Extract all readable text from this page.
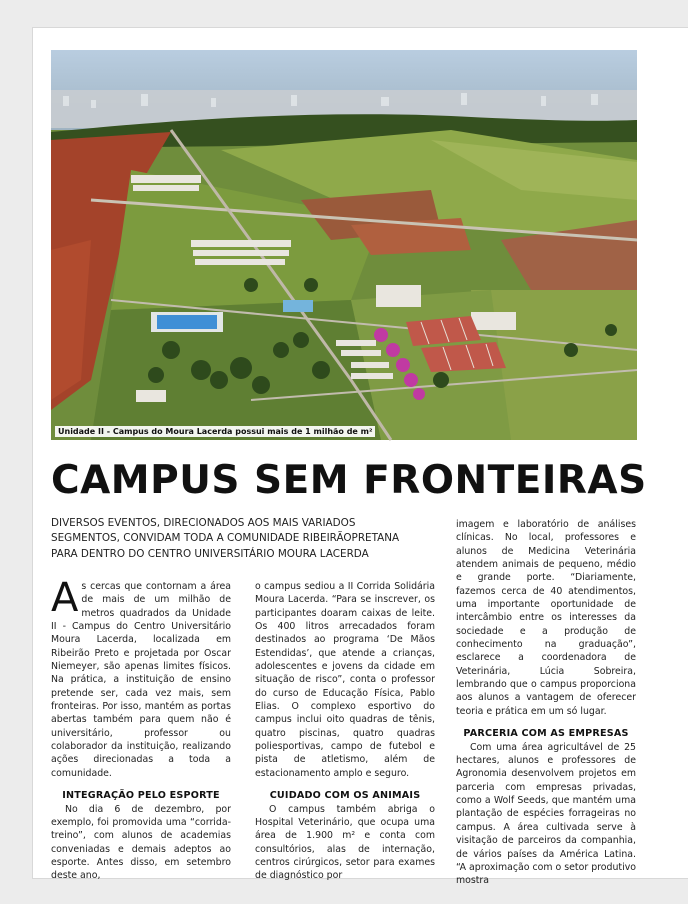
Unidade II - Campus do Moura Lacerda possui mais de 1 milhão de m²
CAMPUS SEM FRONTEIRAS

DIVERSOS EVENTOS, DIRECIONADOS AOS MAIS VARIADOS SEGMENTOS, CONVIDAM TODA A COMUNIDADE RIBEIRÃOPRETANA PARA DENTRO DO CENTRO UNIVERSITÁRIO MOURA LACERDA

As cercas que contornam a área de mais de um milhão de metros quadrados da Unidade II - Campus do Centro Universitário Moura Lacerda, localizada em Ribeirão Preto e projetada por Oscar Niemeyer, são apenas limites físicos. Na prática, a instituição de ensino pretende ser, cada vez mais, sem fronteiras. Por isso, mantém as portas abertas também para quem não é universitário, professor ou colaborador da instituição, realizando ações direcionadas a toda a comunidade.

INTEGRAÇÃO PELO ESPORTE

No dia 6 de dezembro, por exemplo, foi promovida uma “corrida-treino”, com alunos de academias conveniadas e demais adeptos ao esporte. Antes disso, em setembro deste ano,

o campus sediou a II Corrida Solidária Moura Lacerda. “Para se inscrever, os participantes doaram caixas de leite. Os 400 litros arrecadados foram destinados ao programa ‘De Mãos Estendidas’, que atende a crianças, adolescentes e jovens da cidade em situação de risco”, conta o professor do curso de Educação Física, Pablo Elias. O complexo esportivo do campus inclui oito quadras de tênis, quatro piscinas, quatro quadras poliesportivas, campo de futebol e pista de atletismo, além de estacionamento amplo e seguro.

CUIDADO COM OS ANIMAIS

O campus também abriga o Hospital Veterinário, que ocupa uma área de 1.900 m² e conta com consultórios, alas de internação, centros cirúrgicos, setor para exames de diagnóstico por

imagem e laboratório de análises clínicas. No local, professores e alunos de Medicina Veterinária atendem animais de pequeno, médio e grande porte. “Diariamente, fazemos cerca de 40 atendimentos, uma importante oportunidade de intercâmbio entre os interesses da sociedade e a produção de conhecimento na graduação”, esclarece a coordenadora de Veterinária, Lúcia Sobreira, lembrando que o campus proporciona aos alunos a vantagem de oferecer teoria e prática em um só lugar.

PARCERIA COM AS EMPRESAS

Com uma área agricultável de 25 hectares, alunos e professores de Agronomia desenvolvem projetos em parceria com empresas privadas, como a Wolf Seeds, que mantém uma plantação de espécies forrageiras no campus. A área cultivada serve à visitação de parceiros da companhia, de vários países da América Latina. “A aproximação com o setor produtivo mostra
